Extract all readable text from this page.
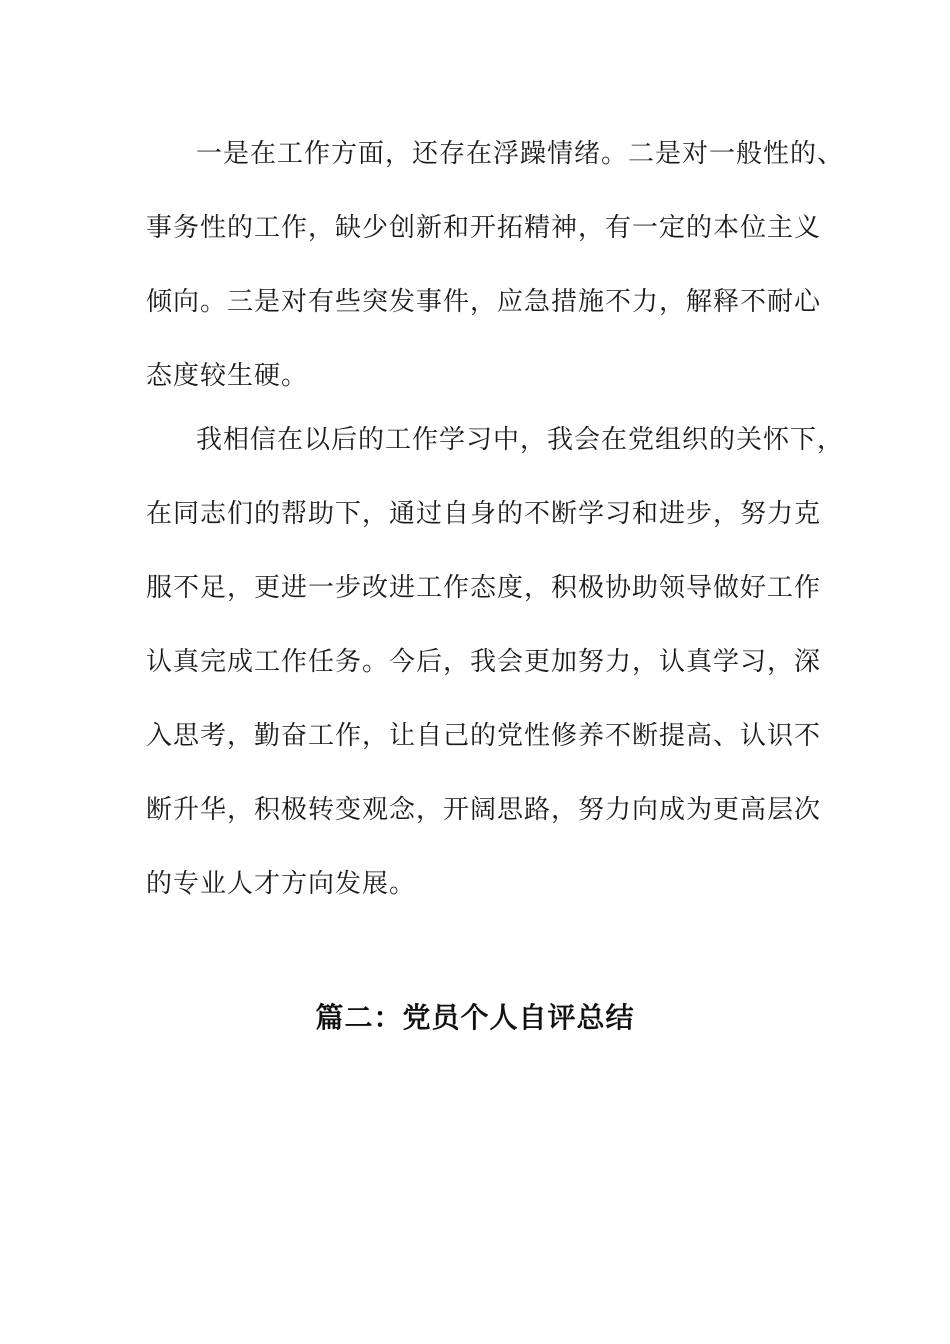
一是在工作方面，还存在浮躁情绪。二是对一般性的、
事务性的工作，缺少创新和开拓精神，有一定的本位主义
倾向。三是对有些突发事件，应急措施不力，解释不耐心
态度较生硬。
我相信在以后的工作学习中，我会在党组织的关怀下，
在同志们的帮助下，通过自身的不断学习和进步，努力克
服不足，更进一步改进工作态度，积极协助领导做好工作
认真完成工作任务。今后，我会更加努力，认真学习，深
入思考，勤奋工作，让自己的党性修养不断提高、认识不
断升华，积极转变观念，开阔思路，努力向成为更高层次
的专业人才方向发展。
篇二：党员个人自评总结
